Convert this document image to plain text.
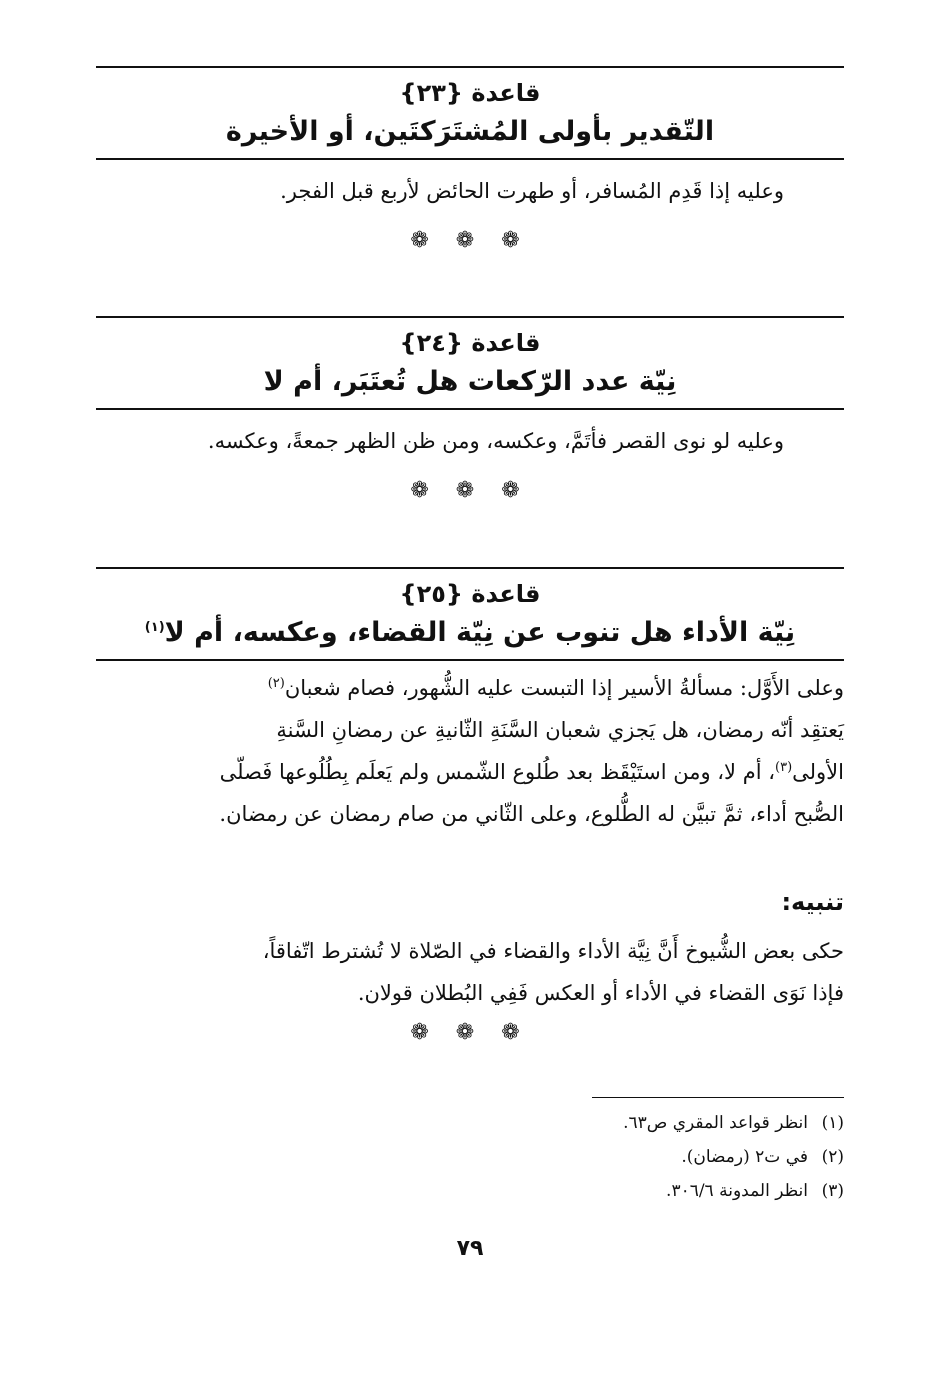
قاعدة {٢٣}

التّقدير بأولى المُشتَرَكتَين، أو الأخيرة

وعليه إذا قَدِم المُسافر، أو طهرت الحائض لأربع قبل الفجر.

❁ ❁ ❁

قاعدة {٢٤}

نِيّة عدد الرّكعات هل تُعتَبَر، أم لا

وعليه لو نوى القصر فأتَمَّ، وعكسه، ومن ظن الظهر جمعةً، وعكسه.

❁ ❁ ❁

قاعدة {٢٥}

نِيّة الأداء هل تنوب عن نِيّة القضاء، وعكسه، أم لا$^{(١)}$

وعلى الأَوَّل: مسألةُ الأسير إذا التبست عليه الشُّهور، فصام شعبان$^{(٢)}$

يَعتقِد أنّه رمضان، هل يَجزي شعبان السَّنَةِ الثّانيةِ عن رمضانِ السَّنةِ

الأولى$^{(٣)}$، أم لا، ومن استَيْقَظ بعد طُلوع الشّمس ولم يَعلَم بِطُلُوعها فَصلّى

الصُّبح أداء، ثمَّ تبيَّن له الطُّلوع، وعلى الثّاني من صام رمضان عن رمضان.

تنبيه:

حكى بعض الشُّيوخ أَنَّ نِيَّة الأداء والقضاء في الصّلاة لا تُشترط اتّفاقاً،

فإذا نَوَى القضاء في الأداء أو العكس فَفِي البُطلان قولان.

❁ ❁ ❁

(١)انظر قواعد المقري ص٦٣.

(٢)في ت٢ (رمضان).

(٣)انظر المدونة ٣٠٦/٦.

٧٩
